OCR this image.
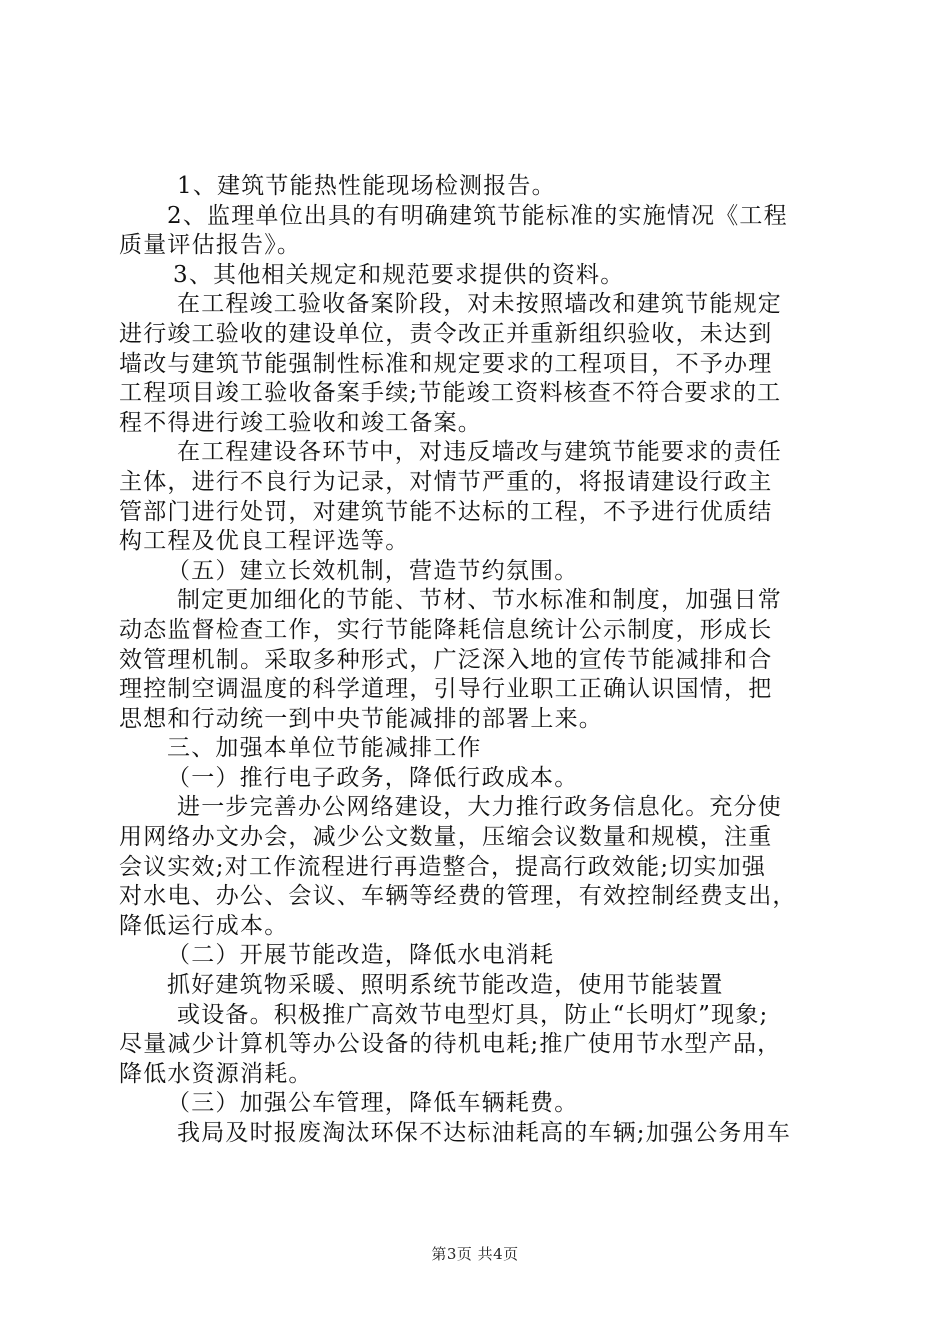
1、建筑节能热性能现场检测报告。
2、监理单位出具的有明确建筑节能标准的实施情况《工程
质量评估报告》。
3、其他相关规定和规范要求提供的资料。
在工程竣工验收备案阶段，对未按照墙改和建筑节能规定
进行竣工验收的建设单位，责令改正并重新组织验收，未达到
墙改与建筑节能强制性标准和规定要求的工程项目，不予办理
工程项目竣工验收备案手续;节能竣工资料核查不符合要求的工
程不得进行竣工验收和竣工备案。
在工程建设各环节中，对违反墙改与建筑节能要求的责任
主体，进行不良行为记录，对情节严重的，将报请建设行政主
管部门进行处罚，对建筑节能不达标的工程，不予进行优质结
构工程及优良工程评选等。
（五）建立长效机制，营造节约氛围。
制定更加细化的节能、节材、节水标准和制度，加强日常
动态监督检查工作，实行节能降耗信息统计公示制度，形成长
效管理机制。采取多种形式，广泛深入地的宣传节能减排和合
理控制空调温度的科学道理，引导行业职工正确认识国情，把
思想和行动统一到中央节能减排的部署上来。
三、加强本单位节能减排工作
（一）推行电子政务，降低行政成本。
进一步完善办公网络建设，大力推行政务信息化。充分使
用网络办文办会，减少公文数量，压缩会议数量和规模，注重
会议实效;对工作流程进行再造整合，提高行政效能;切实加强
对水电、办公、会议、车辆等经费的管理，有效控制经费支出，
降低运行成本。
（二）开展节能改造，降低水电消耗
抓好建筑物采暖、照明系统节能改造，使用节能装置
或设备。积极推广高效节电型灯具，防止“长明灯”现象;
尽量减少计算机等办公设备的待机电耗;推广使用节水型产品，
降低水资源消耗。
（三）加强公车管理，降低车辆耗费。
我局及时报废淘汰环保不达标油耗高的车辆;加强公务用车
第3页 共4页
